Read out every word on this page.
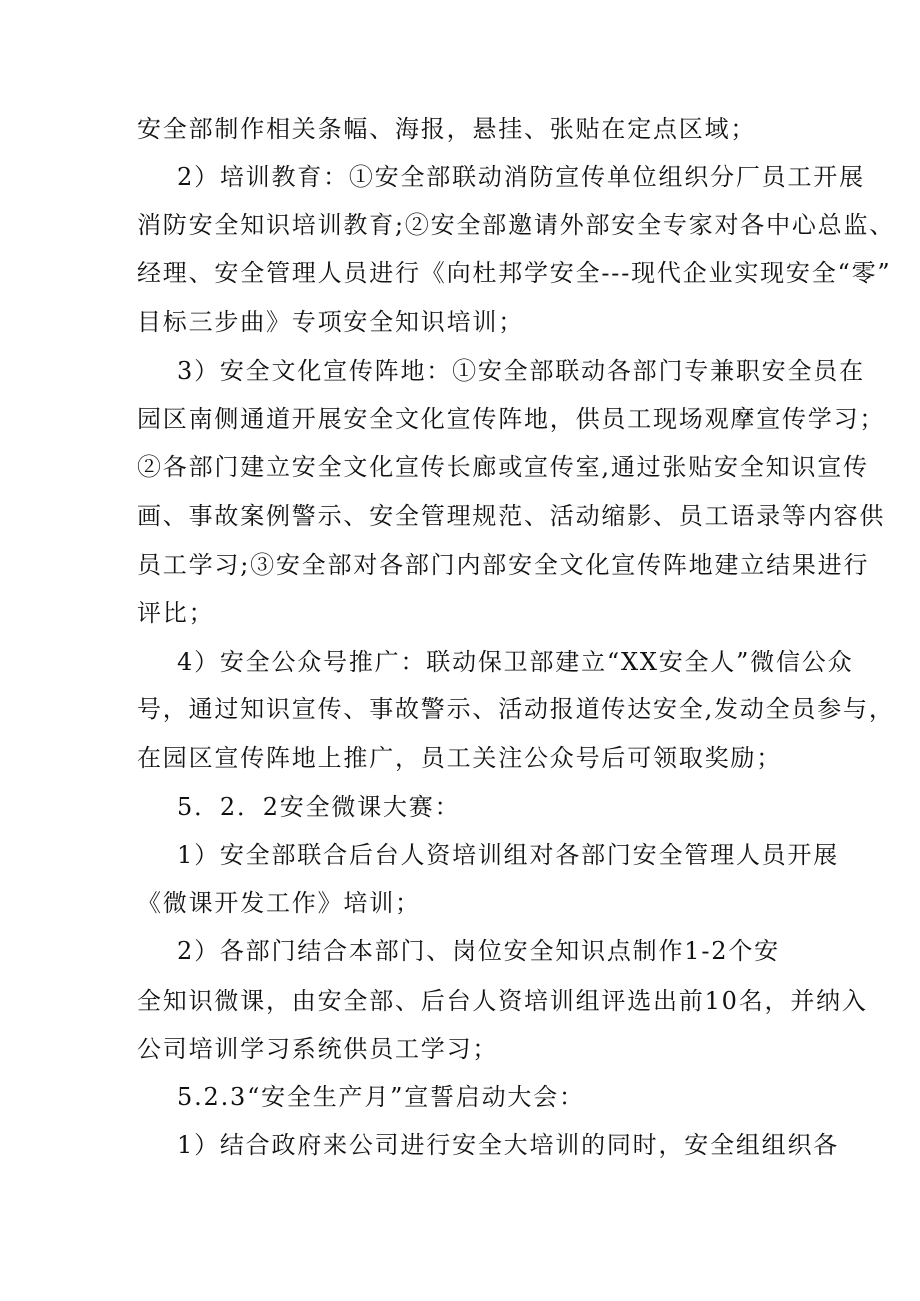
安全部制作相关条幅、海报，悬挂、张贴在定点区域；
2）培训教育：①安全部联动消防宣传单位组织分厂员工开展
消防安全知识培训教育;②安全部邀请外部安全专家对各中心总监、
经理、安全管理人员进行《向杜邦学安全---现代企业实现安全“零”
目标三步曲》专项安全知识培训；
3）安全文化宣传阵地：①安全部联动各部门专兼职安全员在
园区南侧通道开展安全文化宣传阵地，供员工现场观摩宣传学习；
②各部门建立安全文化宣传长廊或宣传室,通过张贴安全知识宣传
画、事故案例警示、安全管理规范、活动缩影、员工语录等内容供
员工学习;③安全部对各部门内部安全文化宣传阵地建立结果进行
评比；
4）安全公众号推广：联动保卫部建立“XX安全人”微信公众
号，通过知识宣传、事故警示、活动报道传达安全,发动全员参与，
在园区宣传阵地上推广，员工关注公众号后可领取奖励；
5．2．2安全微课大赛：
1）安全部联合后台人资培训组对各部门安全管理人员开展
《微课开发工作》培训；
2）各部门结合本部门、岗位安全知识点制作1-2个安
全知识微课，由安全部、后台人资培训组评选出前10名，并纳入
公司培训学习系统供员工学习；
5.2.3“安全生产月”宣誓启动大会：
1）结合政府来公司进行安全大培训的同时，安全组组织各
